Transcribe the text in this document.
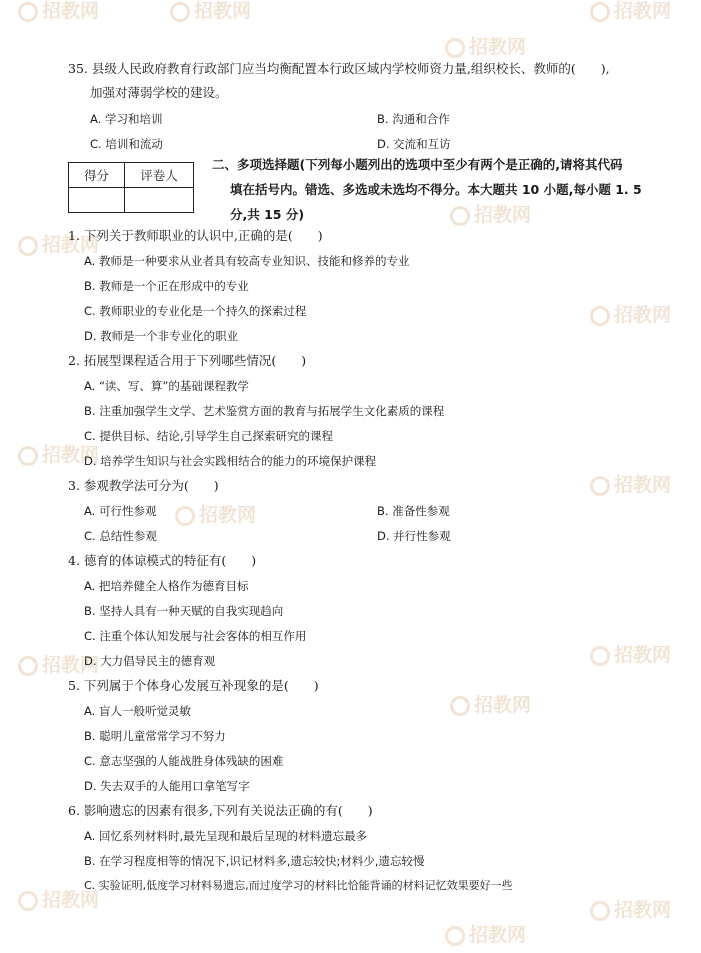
招教网	招教网
招教网
招教网
招教网
招教网
招教网
招教网
招教网
招教网
招教网
招教网
招教网
招教网
招教网
招教网
35. 县级人民政府教育行政部门应当均衡配置本行政区域内学校师资力量,组织校长、教师的(　　),
加强对薄弱学校的建设。
A. 学习和培训	B. 沟通和合作
C. 培训和流动	D. 交流和互访
得分	评卷人

二、多项选择题(下列每小题列出的选项中至少有两个是正确的,请将其代码
填在括号内。错选、多选或未选均不得分。本大题共 10 小题,每小题 1. 5
分,共 15 分)
1. 下列关于教师职业的认识中,正确的是(　　)
A. 教师是一种要求从业者具有较高专业知识、技能和修养的专业
B. 教师是一个正在形成中的专业
C. 教师职业的专业化是一个持久的探索过程
D. 教师是一个非专业化的职业
2. 拓展型课程适合用于下列哪些情况(　　)
A. “读、写、算”的基础课程教学
B. 注重加强学生文学、艺术鉴赏方面的教育与拓展学生文化素质的课程
C. 提供目标、结论,引导学生自己探索研究的课程
D. 培养学生知识与社会实践相结合的能力的环境保护课程
3. 参观教学法可分为(　　)
A. 可行性参观	B. 准备性参观
C. 总结性参观	D. 并行性参观
4. 德育的体谅模式的特征有(　　)
A. 把培养健全人格作为德育目标
B. 坚持人具有一种天赋的自我实现趋向
C. 注重个体认知发展与社会客体的相互作用
D. 大力倡导民主的德育观
5. 下列属于个体身心发展互补现象的是(　　)
A. 盲人一般听觉灵敏
B. 聪明儿童常常学习不努力
C. 意志坚强的人能战胜身体残缺的困难
D. 失去双手的人能用口拿笔写字
6. 影响遗忘的因素有很多,下列有关说法正确的有(　　)
A. 回忆系列材料时,最先呈现和最后呈现的材料遗忘最多
B. 在学习程度相等的情况下,识记材料多,遗忘较快;材料少,遗忘较慢
C. 实验证明,低度学习材料易遗忘,而过度学习的材料比恰能背诵的材料记忆效果要好一些
